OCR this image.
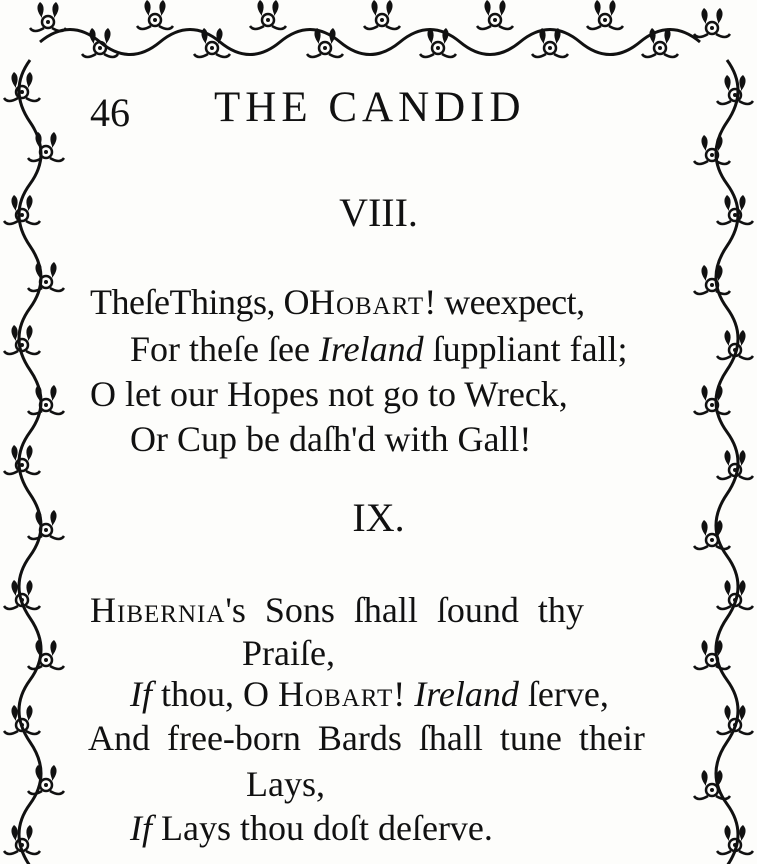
46 THE CANDID
VIII.
TheſeThings, OHobart! weexpect,
For theſe ſee Ireland ſuppliant fall;
O let our Hopes not go to Wreck,
Or Cup be daſh'd with Gall!
IX.
Hibernia's Sons ſhall ſound thy
Praiſe,
If thou, O Hobart! Ireland ſerve,
And free-born Bards ſhall tune their
Lays,
If Lays thou doſt deſerve.
